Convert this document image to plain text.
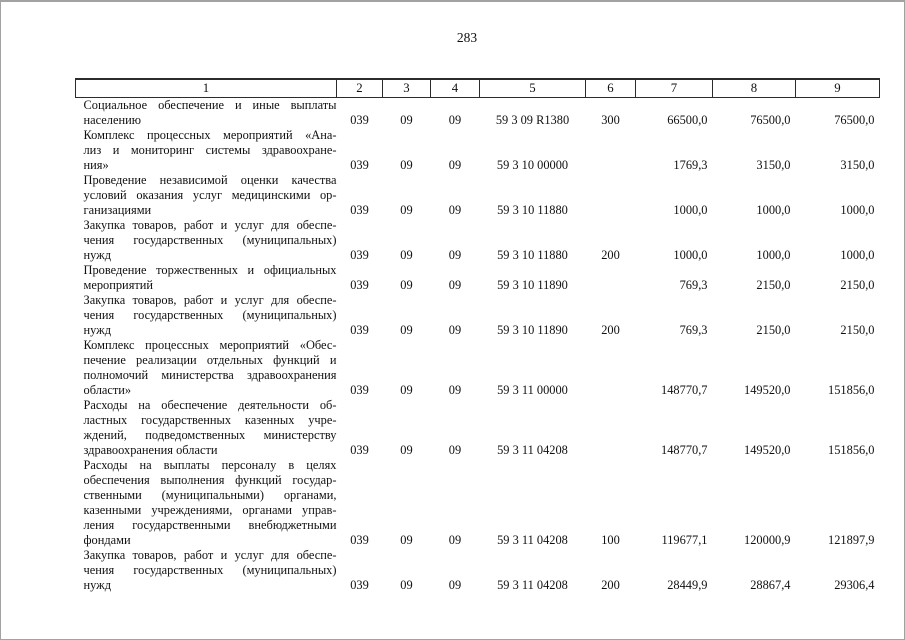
283
1	2	3	4	5	6	7	8	9

Социальное обеспечение и иные выплаты
населению	039	09	09	59 3 09 R1380	300	66500,0	76500,0	76500,0

Комплекс процессных мероприятий «Ана-
лиз и мониторинг системы здравоохране-
ния»	039	09	09	59 3 10 00000		1769,3	3150,0	3150,0

Проведение независимой оценки качества
условий оказания услуг медицинскими ор-
ганизациями	039	09	09	59 3 10 11880		1000,0	1000,0	1000,0

Закупка товаров, работ и услуг для обеспе-
чения государственных (муниципальных)
нужд	039	09	09	59 3 10 11880	200	1000,0	1000,0	1000,0

Проведение торжественных и официальных
мероприятий	039	09	09	59 3 10 11890		769,3	2150,0	2150,0

Закупка товаров, работ и услуг для обеспе-
чения государственных (муниципальных)
нужд	039	09	09	59 3 10 11890	200	769,3	2150,0	2150,0

Комплекс процессных мероприятий «Обес-
печение реализации отдельных функций и
полномочий министерства здравоохранения
области»	039	09	09	59 3 11 00000		148770,7	149520,0	151856,0

Расходы на обеспечение деятельности об-
ластных государственных казенных учре-
ждений, подведомственных министерству
здравоохранения области	039	09	09	59 3 11 04208		148770,7	149520,0	151856,0

Расходы на выплаты персоналу в целях
обеспечения выполнения функций государ-
ственными (муниципальными) органами,
казенными учреждениями, органами управ-
ления государственными внебюджетными
фондами	039	09	09	59 3 11 04208	100	119677,1	120000,9	121897,9

Закупка товаров, работ и услуг для обеспе-
чения государственных (муниципальных)
нужд	039	09	09	59 3 11 04208	200	28449,9	28867,4	29306,4
